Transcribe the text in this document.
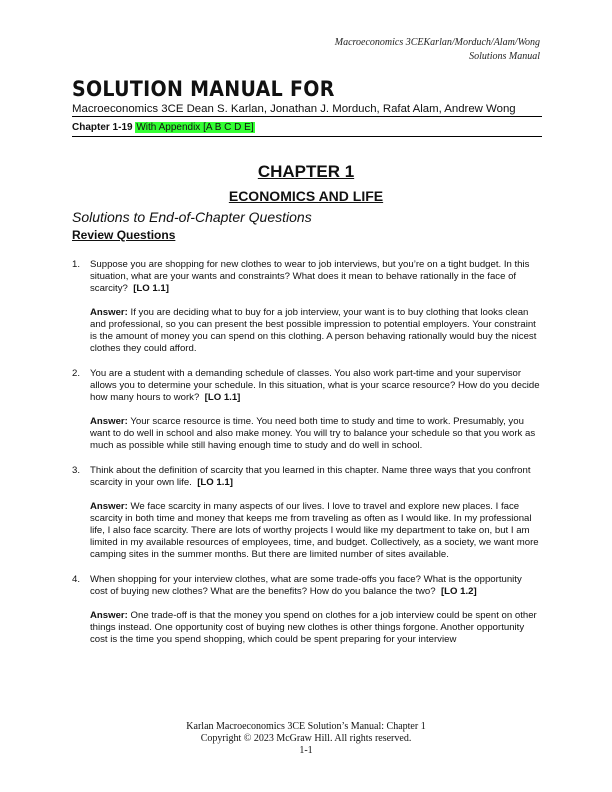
Macroeconomics 3CEKarlan/Morduch/Alam/Wong
Solutions Manual
SOLUTION MANUAL FOR
Macroeconomics 3CE Dean S. Karlan, Jonathan J. Morduch, Rafat Alam, Andrew Wong
Chapter 1-19 With Appendix [A B C D E]
CHAPTER 1
ECONOMICS AND LIFE
Solutions to End-of-Chapter Questions
Review Questions
1.	Suppose you are shopping for new clothes to wear to job interviews, but you’re on a tight budget. In this situation, what are your wants and constraints? What does it mean to behave rationally in the face of scarcity? [LO 1.1]
Answer: If you are deciding what to buy for a job interview, your want is to buy clothing that looks clean and professional, so you can present the best possible impression to potential employers. Your constraint is the amount of money you can spend on this clothing. A person behaving rationally would buy the nicest clothes they could afford.
2.	You are a student with a demanding schedule of classes. You also work part-time and your supervisor allows you to determine your schedule. In this situation, what is your scarce resource? How do you decide how many hours to work? [LO 1.1]
Answer: Your scarce resource is time. You need both time to study and time to work. Presumably, you want to do well in school and also make money. You will try to balance your schedule so that you work as much as possible while still having enough time to study and do well in school.
3.	Think about the definition of scarcity that you learned in this chapter. Name three ways that you confront scarcity in your own life. [LO 1.1]
Answer: We face scarcity in many aspects of our lives. I love to travel and explore new places. I face scarcity in both time and money that keeps me from traveling as often as I would like. In my professional life, I also face scarcity. There are lots of worthy projects I would like my department to take on, but I am limited in my available resources of employees, time, and budget. Collectively, as a society, we want more camping sites in the summer months. But there are limited number of sites available.
4.	When shopping for your interview clothes, what are some trade-offs you face? What is the opportunity cost of buying new clothes? What are the benefits? How do you balance the two? [LO 1.2]
Answer: One trade-off is that the money you spend on clothes for a job interview could be spent on other things instead. One opportunity cost of buying new clothes is other things forgone. Another opportunity cost is the time you spend shopping, which could be spent preparing for your interview
Karlan Macroeconomics 3CE Solution’s Manual: Chapter 1
Copyright © 2023 McGraw Hill. All rights reserved.
1-1
